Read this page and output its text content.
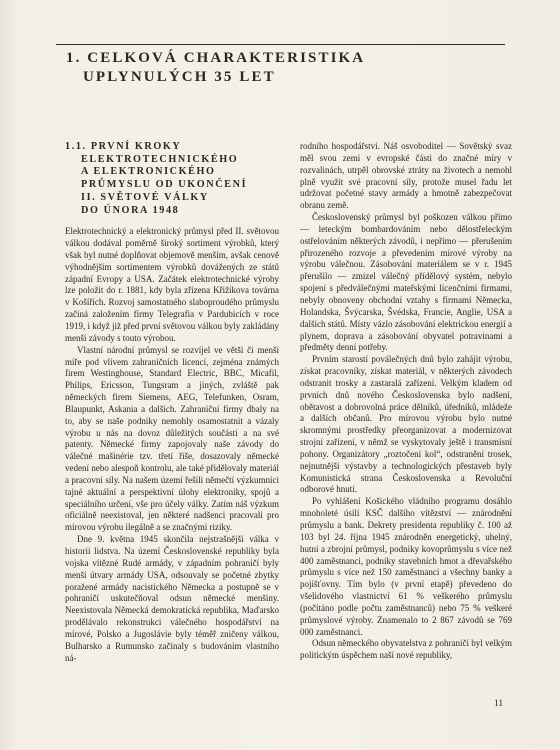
1. CELKOVÁ CHARAKTERISTIKA
UPLYNULÝCH 35 LET
1.1. PRVNÍ KROKY
ELEKTROTECHNICKÉHO
A ELEKTRONICKÉHO
PRŮMYSLU OD UKONČENÍ
II. SVĚTOVÉ VÁLKY
DO ÚNORA 1948

Elektrotechnický a elektronický průmysl před II. světovou válkou dodával poměrně široký sortiment výrobků, který však byl nutné doplňovat objemově menším, avšak cenově výhodnějším sortimentem výrobků dovážených ze států západní Evropy a USA. Začátek elektrotechnické výroby lze položit do r. 1881, kdy byla zřízena Křižíkova továrna v Košířích. Rozvoj samostatného slaboproudého průmyslu začíná založením firmy Telegrafia v Pardubicích v roce 1919, i když již před první světovou válkou byly zakládány menší závody s touto výrobou.

Vlastní národní průmysl se rozvíjel ve větší či menší míře pod vlivem zahraničních licencí, zejména známých firem Westinghouse, Standard Electric, BBC, Micafil, Philips, Ericsson, Tungsram a jiných, zvláště pak německých firem Siemens, AEG, Telefunken, Osram, Blaupunkt, Askania a dalších. Zahraniční firmy dbaly na to, aby se naše podniky nemohly osamostatnit a vázaly výrobu u nás na dovoz důležitých součástí a na své patenty. Německé firmy zapojovaly naše závody do válečné mašinérie tzv. třetí říše, dosazovaly německé vedení nebo alespoň kontrolu, ale také přidělovaly materiál a pracovní síly. Na našem území řešili němečtí výzkumníci tajné aktuální a perspektivní úlohy elektroniky, spojů a speciálního určení, vše pro účely války. Zatím náš výzkum oficiálně neexistoval, jen některé nadšenci pracovali pro mírovou výrobu ilegálně a se značnými riziky.

Dne 9. května 1945 skončila nejstrašnější válka v historii lidstva. Na území Československé republiky byla vojska vítězné Rudé armády, v západním pohraničí byly menší útvary armády USA, odsouvaly se početné zbytky poražené armády nacistického Německa a postupně se v pohraničí uskutečňoval odsun německé menšiny. Neexistovala Německá demokratická republika, Maďarsko prodělávalo rekonstrukci válečného hospodářství na mírové, Polsko a Jugoslávie byly téměř zničeny válkou, Bulharsko a Rumunsko začínaly s budováním vlastního ná-

rodního hospodářství. Náš osvoboditel — Sovětský svaz měl svou zemi v evropské části do značné míry v rozvalinách, utrpěl obrovské ztráty na životech a nemohl plně využít své pracovní síly, protože musel řadu let udržovat početné stavy armády a hmotně zabezpečovat obranu země.

Československý průmysl byl poškozen válkou přímo — leteckým bombardováním nebo dělostřeleckým ostřelováním některých závodů, i nepřímo — přerušením přirozeného rozvoje a převedením mírové výroby na výrobu válečnou. Zásobování materiálem se v r. 1945 přerušilo — zmizel válečný přídělový systém, nebylo spojení s předválečnými mateřskými licenčními firmami, nebyly obnoveny obchodní vztahy s firmami Německa, Holandska, Švýcarska, Švédska, Francie, Anglie, USA a dalších států. Místy vázlo zásobování elektrickou energií a plynem, doprava a zásobování obyvatel potravinami a předměty denní potřeby.

Prvním starostí poválečných dnů bylo zahájit výrobu, získat pracovníky, získat materiál, v některých závodech odstranit trosky a zastaralá zařízení. Velkým kladem od prvních dnů nového Československa bylo nadšení, obětavost a dobrovolná práce dělníků, úředníků, mládeže a dalších občanů. Pro mírovou výrobu bylo nutné skromnými prostředky přeorganizovat a modernizovat strojní zařízení, v němž se vyskytovaly ještě i transmisní pohony. Organizátory „roztočení kol“, odstranění trosek, nejnutnější výstavby a technologických přestaveb byly Komunistická strana Československa a Revoluční odborové hnutí.

Po vyhlášení Košického vládního programu dosáhlo mnoholeté úsilí KSČ dalšího vítězství — znárodnění průmyslu a bank. Dekrety presidenta republiky č. 100 až 103 byl 24. října 1945 znárodněn energetický, uhelný, hutní a zbrojní průmysl, podniky kovoprůmyslu s více než 400 zaměstnanci, podniky stavebních hmot a dřevařského průmyslu s více než 150 zaměstnanci a všechny banky a pojišťovny. Tím bylo (v první etapě) převedeno do všelidového vlastnictví 61 % veškerého průmyslu (počítáno podle počtu zaměstnanců) nebo 75 % veškeré průmyslové výroby. Znamenalo to 2 867 závodů se 769 000 zaměstnanci.

Odsun německého obyvatelstva z pohraničí byl velkým politickým úspěchem naší nové republiky,

11
